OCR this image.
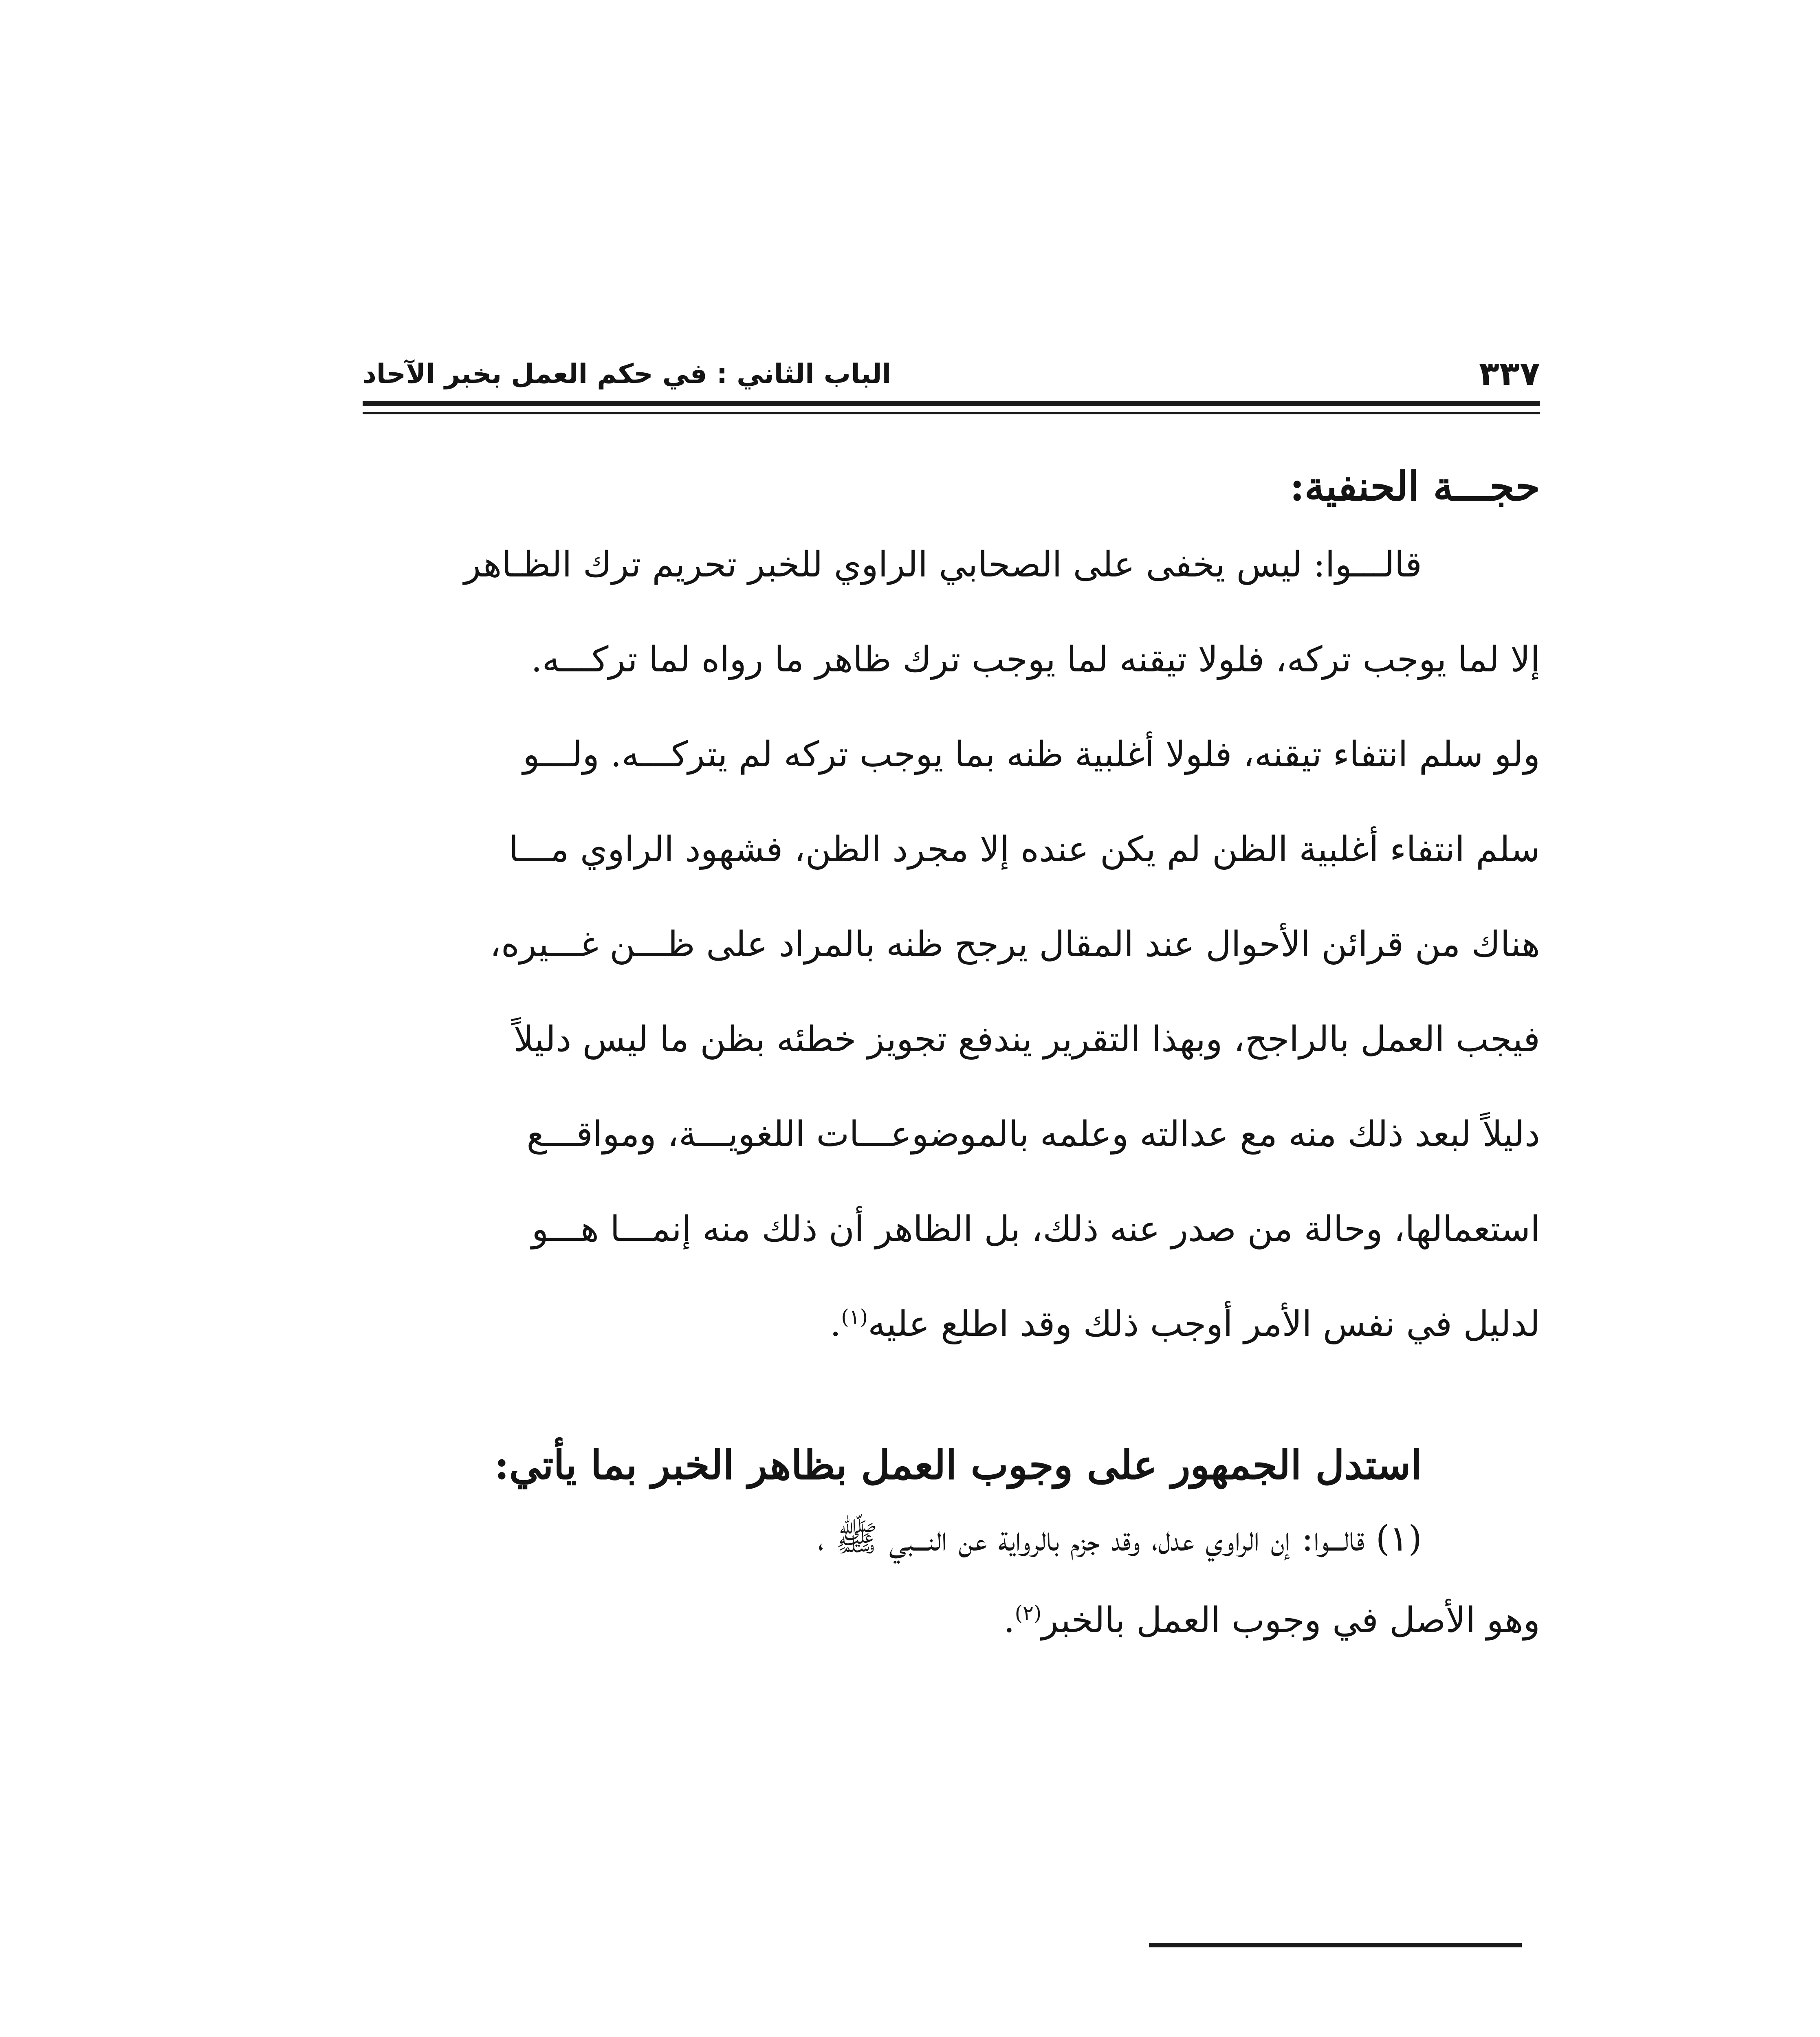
٣٣٧
الباب الثاني : في حكم العمل بخبر الآحاد

حجـــة الحنفية:

قالـــوا: ليس يخفى على الصحابي الراوي للخبر تحريم ترك الظـاهر

إلا لما يوجب تركه، فلولا تيقنه لما يوجب ترك ظاهر ما رواه لما تركـــه.

ولو سلم انتفاء تيقنه، فلولا أغلبية ظنه بما يوجب تركه لم يتركـــه. ولـــو

سلم انتفاء أغلبية الظن لم يكن عنده إلا مجرد الظن، فشهود الراوي مـــا

هناك من قرائن الأحوال عند المقال يرجح ظنه بالمراد على ظـــن غـــيره،

فيجب العمل بالراجح، وبهذا التقرير يندفع تجويز خطئه بظن ما ليس دليلاً

دليلاً لبعد ذلك منه مع عدالته وعلمه بالموضوعـــات اللغويـــة، ومواقـــع

استعمالها، وحالة من صدر عنه ذلك، بل الظاهر أن ذلك منه إنمـــا هـــو

لدليل في نفس الأمر أوجب ذلك وقد اطلع عليه$^{(١)}$.

استدل الجمهور على وجوب العمل بظاهر الخبر بما يأتي:

(١) قالـــوا: إن الراوي عدل، وقد جزم بالرواية عن النـــبي ﷺ ،

وهو الأصل في وجوب العمل بالخبر$^{(٢)}$.
